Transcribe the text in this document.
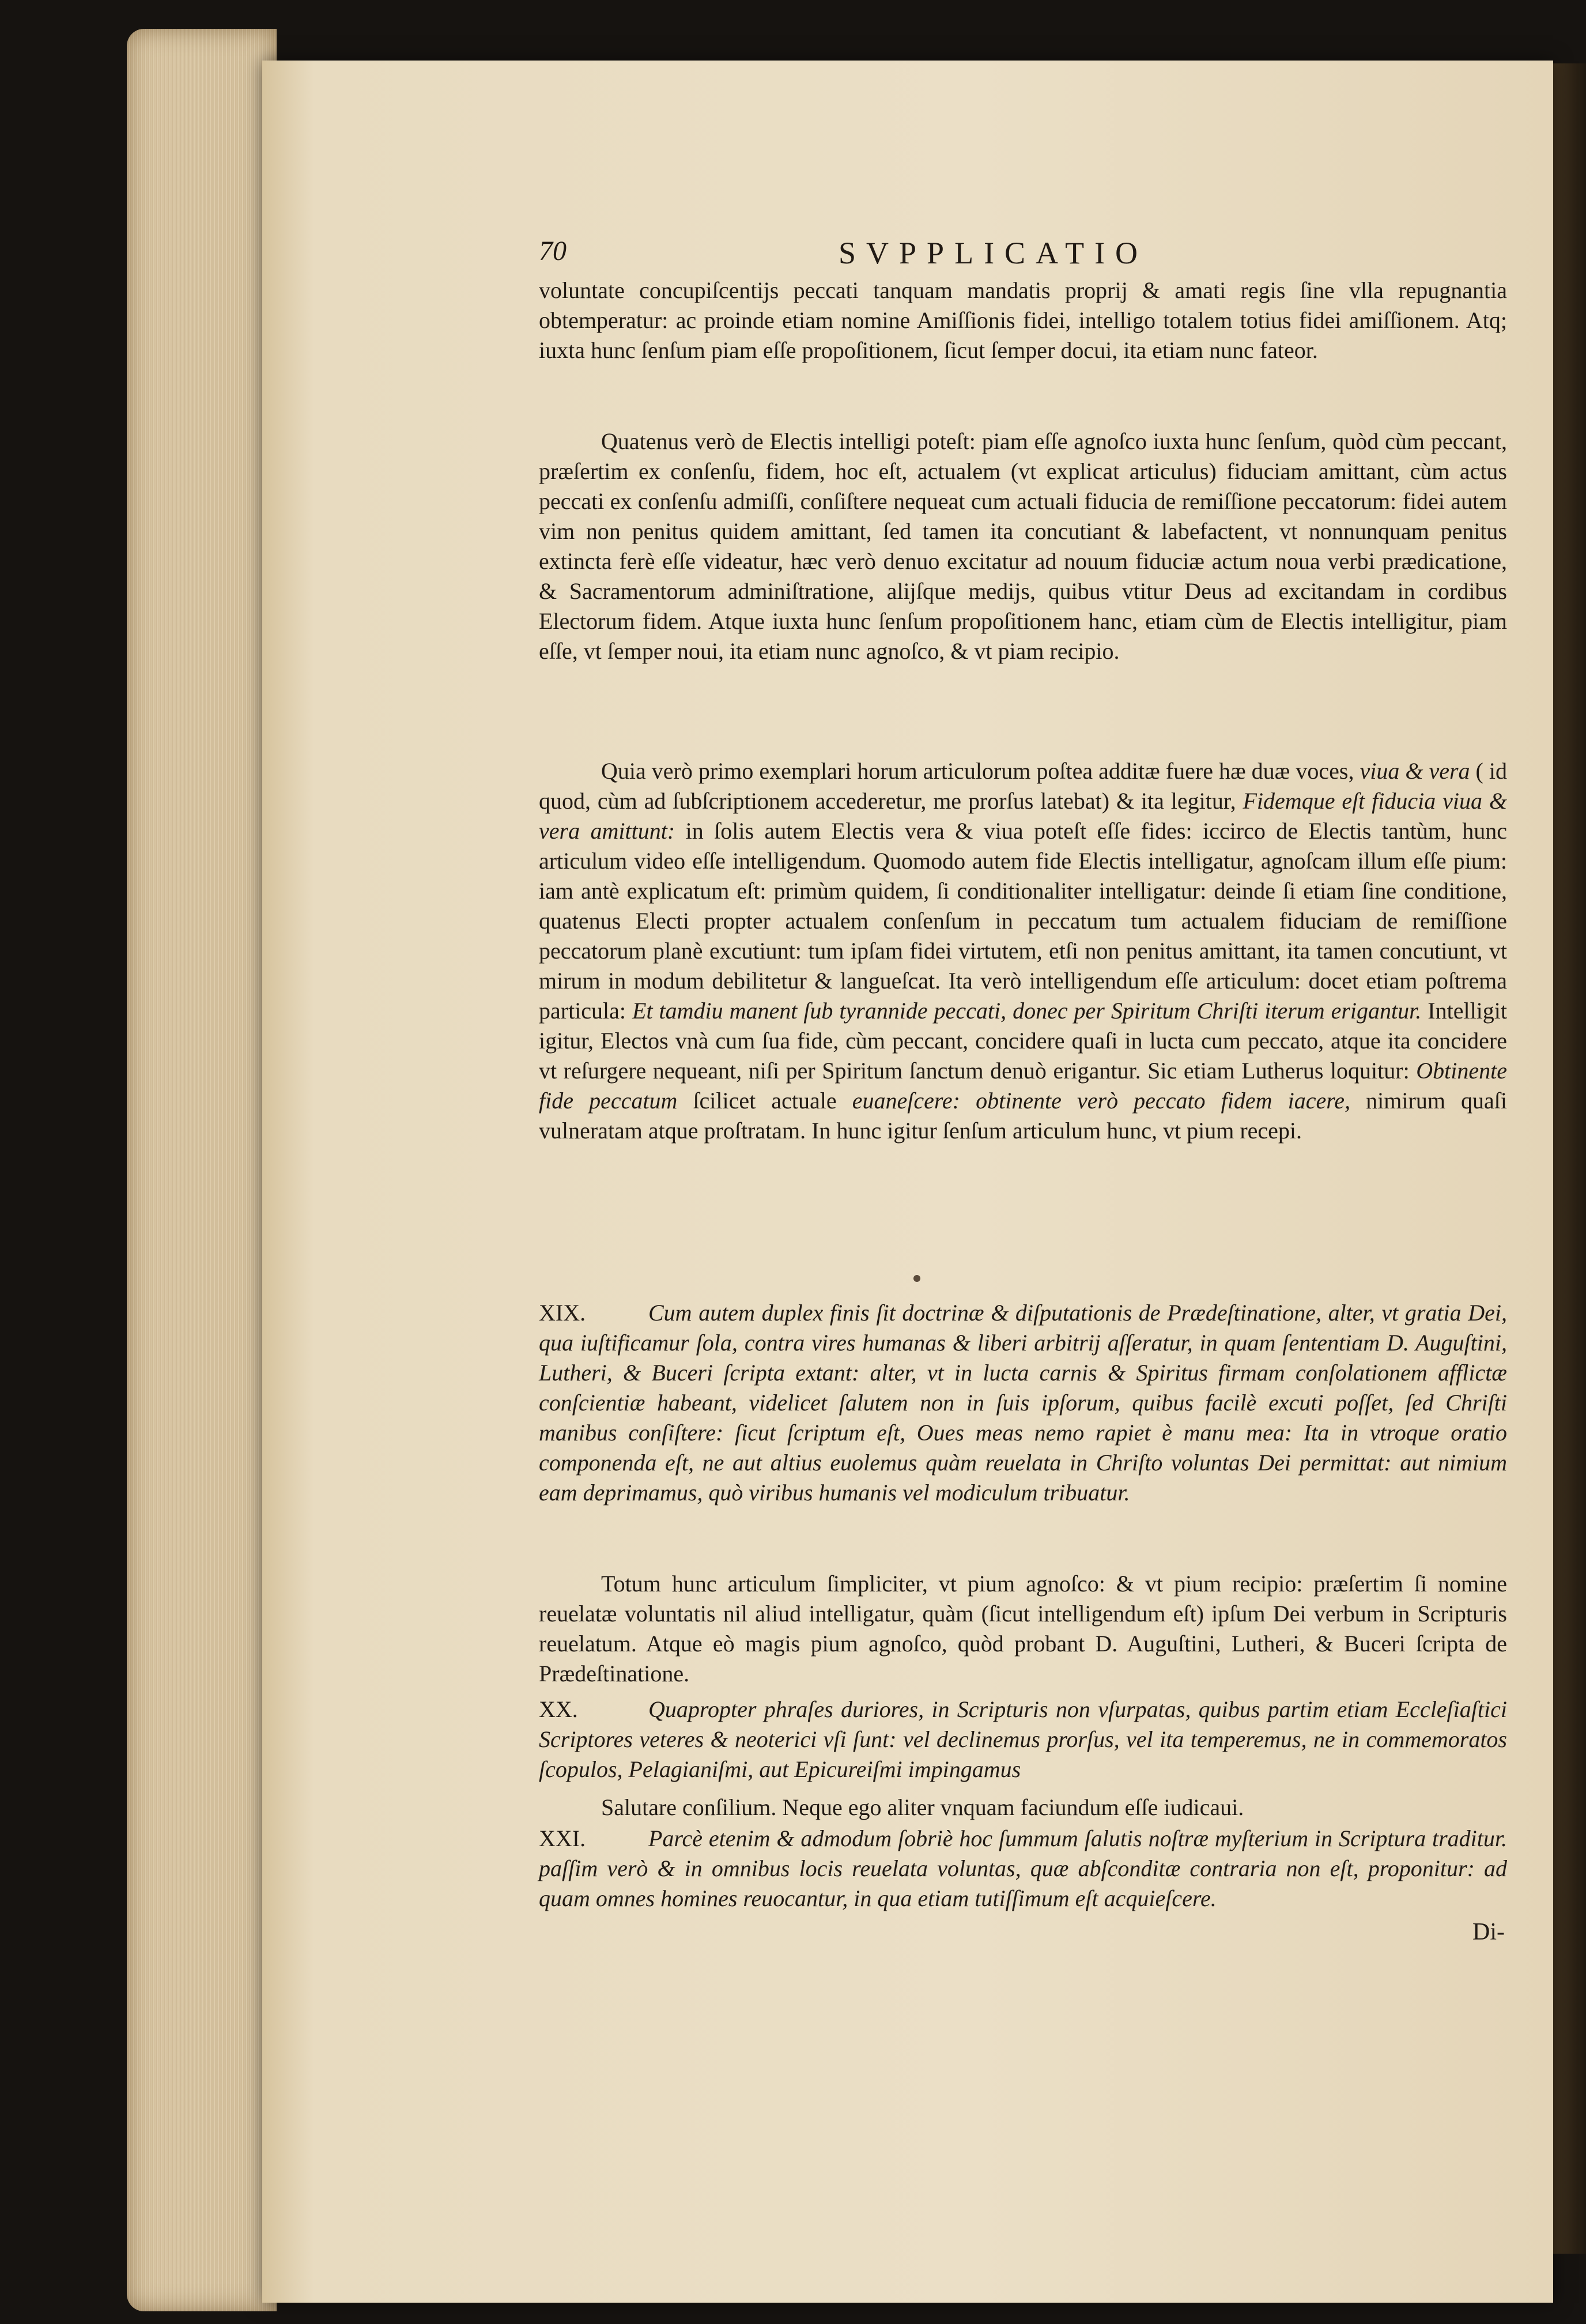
70	SVPPLICATIO
voluntate concupiſcentijs peccati tanquam mandatis proprij & amati regis ſine vlla repugnantia obtemperatur: ac proinde etiam nomine Amiſſionis fidei, intelligo totalem totius fidei amiſſionem. Atq; iuxta hunc ſenſum piam eſſe propoſitionem, ſicut ſemper docui, ita etiam nunc fateor.
Quatenus verò de Electis intelligi poteſt: piam eſſe agnoſco iuxta hunc ſenſum, quòd cùm peccant, præſertim ex conſenſu, fidem, hoc eſt, actualem (vt explicat articulus) fiduciam amittant, cùm actus peccati ex conſenſu admiſſi, conſiſtere nequeat cum actuali fiducia de remiſſione peccatorum: fidei autem vim non penitus quidem amittant, ſed tamen ita concutiant & labefactent, vt nonnunquam penitus extincta ferè eſſe videatur, hæc verò denuo excitatur ad nouum fiduciæ actum noua verbi prædicatione, & Sacramentorum adminiſtratione, alijſque medijs, quibus vtitur Deus ad excitandam in cordibus Electorum fidem. Atque iuxta hunc ſenſum propoſitionem hanc, etiam cùm de Electis intelligitur, piam eſſe, vt ſemper noui, ita etiam nunc agnoſco, & vt piam recipio.
Quia verò primo exemplari horum articulorum poſtea additæ fuere hæ duæ voces, viua & vera ( id quod, cùm ad ſubſcriptionem accederetur, me prorſus latebat) & ita legitur, Fidemque eſt fiducia viua & vera amittunt: in ſolis autem Electis vera & viua poteſt eſſe fides: iccirco de Electis tantùm, hunc articulum video eſſe intelligendum. Quomodo autem fide Electis intelligatur, agnoſcam illum eſſe pium: iam antè explicatum eſt: primùm quidem, ſi conditionaliter intelligatur: deinde ſi etiam ſine conditione, quatenus Electi propter actualem conſenſum in peccatum tum actualem fiduciam de remiſſione peccatorum planè excutiunt: tum ipſam fidei virtutem, etſi non penitus amittant, ita tamen concutiunt, vt mirum in modum debilitetur & langueſcat. Ita verò intelligendum eſſe articulum: docet etiam poſtrema particula: Et tamdiu manent ſub tyrannide peccati, donec per Spiritum Chriſti iterum erigantur. Intelligit igitur, Electos vnà cum ſua fide, cùm peccant, concidere quaſi in lucta cum peccato, atque ita concidere vt reſurgere nequeant, niſi per Spiritum ſanctum denuò erigantur. Sic etiam Lutherus loquitur: Obtinente fide peccatum ſcilicet actuale euaneſcere: obtinente verò peccato fidem iacere, nimirum quaſi vulneratam atque proſtratam. In hunc igitur ſenſum articulum hunc, vt pium recepi.
XIX.	Cum autem duplex finis ſit doctrinæ & diſputationis de Prædeſtinatione, alter, vt gratia Dei, qua iuſtificamur ſola, contra vires humanas & liberi arbitrij aſſeratur, in quam ſententiam D. Auguſtini, Lutheri, & Buceri ſcripta extant: alter, vt in lucta carnis & Spiritus firmam conſolationem afflictæ conſcientiæ habeant, videlicet ſalutem non in ſuis ipſorum, quibus facilè excuti poſſet, ſed Chriſti manibus conſiſtere: ſicut ſcriptum eſt, Oues meas nemo rapiet è manu mea: Ita in vtroque oratio componenda eſt, ne aut altius euolemus quàm reuelata in Chriſto voluntas Dei permittat: aut nimium eam deprimamus, quò viribus humanis vel modiculum tribuatur.
Totum hunc articulum ſimpliciter, vt pium agnoſco: & vt pium recipio: præſertim ſi nomine reuelatæ voluntatis nil aliud intelligatur, quàm (ſicut intelligendum eſt) ipſum Dei verbum in Scripturis reuelatum. Atque eò magis pium agnoſco, quòd probant D. Auguſtini, Lutheri, & Buceri ſcripta de Prædeſtinatione.
XX.	Quapropter phraſes duriores, in Scripturis non vſurpatas, quibus partim etiam Eccleſiaſtici Scriptores veteres & neoterici vſi ſunt: vel declinemus prorſus, vel ita temperemus, ne in commemoratos ſcopulos, Pelagianiſmi, aut Epicureiſmi impingamus
Salutare conſilium. Neque ego aliter vnquam faciundum eſſe iudicaui.
XXI.	Parcè etenim & admodum ſobriè hoc ſummum ſalutis noſtræ myſterium in Scriptura traditur. paſſim verò & in omnibus locis reuelata voluntas, quæ abſconditæ contraria non eſt, proponitur: ad quam omnes homines reuocantur, in qua etiam tutiſſimum eſt acquieſcere.
Di-
